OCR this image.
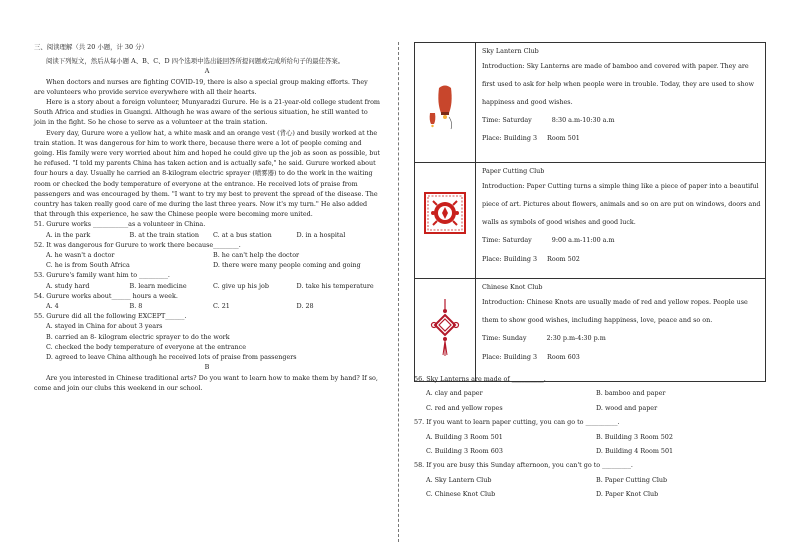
三、阅读理解（共 20 小题，计 30 分）

阅读下列短文，然后从每小题 A、B、C、D 四个选项中选出能回答所提问题或完成所给句子的最佳答案。

A

When doctors and nurses are fighting COVID-19, there is also a special group making efforts. They are volunteers who provide service everywhere with all their hearts.

Here is a story about a foreign volunteer, Munyaradzi Gurure. He is a 21-year-old college student from South Africa and studies in Guangxi. Although he was aware of the serious situation, he still wanted to join in the fight. So he chose to serve as a volunteer at the train station.

Every day, Gurure wore a yellow hat, a white mask and an orange vest (背心) and busily worked at the train station. It was dangerous for him to work there, because there were a lot of people coming and going. His family were very worried about him and hoped he could give up the job as soon as possible, but he refused. "I told my parents China has taken action and is actually safe," he said. Gurure worked about four hours a day. Usually he carried an 8-kilogram electric sprayer (喷雾器) to do the work in the waiting room or checked the body temperature of everyone at the entrance. He received lots of praise from passengers and was encouraged by them. "I want to try my best to prevent the spread of the disease. The country has taken really good care of me during the last three years. Now it's my turn." He also added that through this experience, he saw the Chinese people were becoming more united.

51. Gurure works ___________as a volunteer in China.

A. in the park	B. at the train station	C. at a bus station	D. in a hospital

52. It was dangerous for Gurure to work there because________.

A. he wasn't a doctor	B. he can't help the doctor
C. he is from South Africa	D. there were many people coming and going

53. Gurure's family want him to _________.

A. study hard	B. learn medicine	C. give up his job	D. take his temperature

54. Gurure works about______ hours a week.

A. 4	B. 8	C. 21	D. 28

55. Gurure did all the following EXCEPT______.

A. stayed in China for about 3 years

B. carried an 8- kilogram electric sprayer to do the work

C. checked the body temperature of everyone at the entrance

D. agreed to leave China although he received lots of praise from passengers

B

Are you interested in Chinese traditional arts? Do you want to learn how to make them by hand? If so, come and join our clubs this weekend in our school.

Sky Lantern Club

Introduction: Sky Lanterns are made of bamboo and covered with paper. They are first used to ask for help when people were in trouble. Today, they are used to show happiness and good wishes.

Time: Saturday 8:30 a.m-10:30 a.m

Place: Building 3 Room 501

Paper Cutting Club

Introduction: Paper Cutting turns a simple thing like a piece of paper into a beautiful piece of art. Pictures about flowers, animals and so on are put on windows, doors and walls as symbols of good wishes and good luck.

Time: Saturday 9:00 a.m-11:00 a.m

Place: Building 3 Room 502

Chinese Knot Club

Introduction: Chinese Knots are usually made of red and yellow ropes. People use them to show good wishes, including happiness, love, peace and so on.

Time: Sunday 2:30 p.m-4:30 p.m

Place: Building 3 Room 603

56. Sky Lanterns are made of __________.

A. clay and paper	B. bamboo and paper
C. red and yellow ropes	D. wood and paper

57. If you want to learn paper cutting, you can go to __________.

A. Building 3 Room 501	B. Building 3 Room 502
C. Building 3 Room 603	D. Building 4 Room 501

58. If you are busy this Sunday afternoon, you can't go to _________.

A. Sky Lantern Club	B. Paper Cutting Club
C. Chinese Knot Club	D. Paper Knot Club
